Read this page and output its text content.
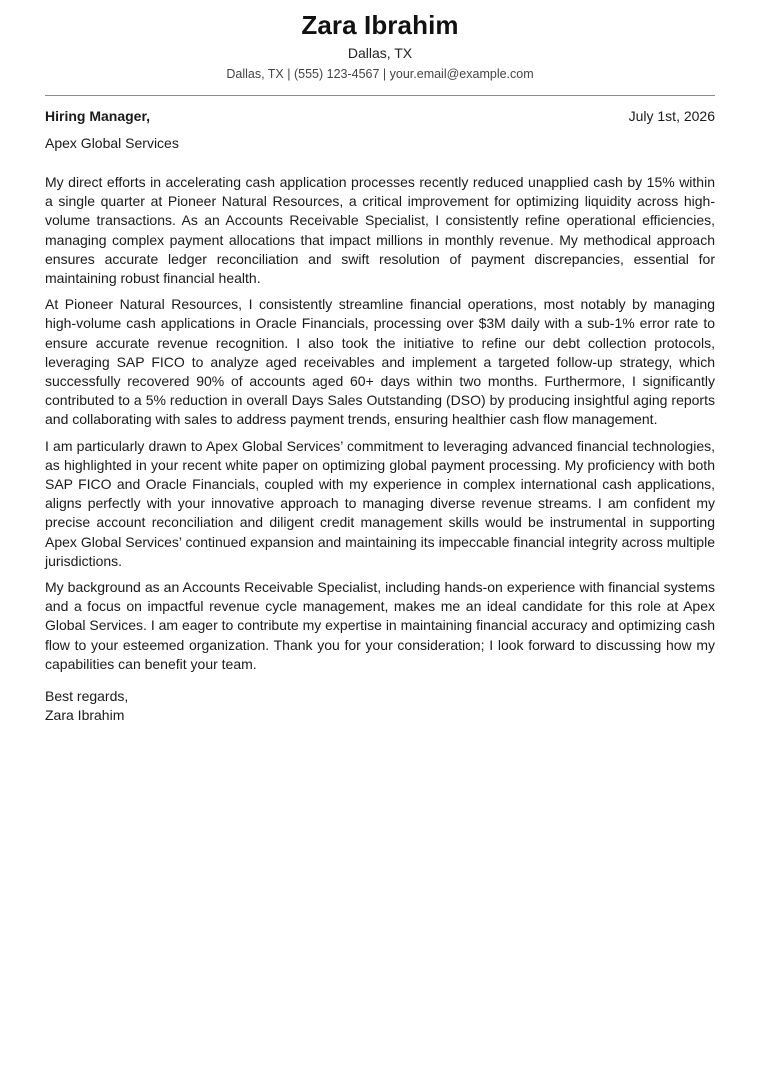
Zara Ibrahim
Dallas, TX
Dallas, TX | (555) 123-4567 | your.email@example.com
Hiring Manager,	July 1st, 2026
Apex Global Services

My direct efforts in accelerating cash application processes recently reduced unapplied cash by 15% within a single quarter at Pioneer Natural Resources, a critical improvement for optimizing liquidity across high-volume transactions. As an Accounts Receivable Specialist, I consistently refine operational efficiencies, managing complex payment allocations that impact millions in monthly revenue. My methodical approach ensures accurate ledger reconciliation and swift resolution of payment discrepancies, essential for maintaining robust financial health.

At Pioneer Natural Resources, I consistently streamline financial operations, most notably by managing high-volume cash applications in Oracle Financials, processing over $3M daily with a sub-1% error rate to ensure accurate revenue recognition. I also took the initiative to refine our debt collection protocols, leveraging SAP FICO to analyze aged receivables and implement a targeted follow-up strategy, which successfully recovered 90% of accounts aged 60+ days within two months. Furthermore, I significantly contributed to a 5% reduction in overall Days Sales Outstanding (DSO) by producing insightful aging reports and collaborating with sales to address payment trends, ensuring healthier cash flow management.

I am particularly drawn to Apex Global Services’ commitment to leveraging advanced financial technologies, as highlighted in your recent white paper on optimizing global payment processing. My proficiency with both SAP FICO and Oracle Financials, coupled with my experience in complex international cash applications, aligns perfectly with your innovative approach to managing diverse revenue streams. I am confident my precise account reconciliation and diligent credit management skills would be instrumental in supporting Apex Global Services’ continued expansion and maintaining its impeccable financial integrity across multiple jurisdictions.

My background as an Accounts Receivable Specialist, including hands-on experience with financial systems and a focus on impactful revenue cycle management, makes me an ideal candidate for this role at Apex Global Services. I am eager to contribute my expertise in maintaining financial accuracy and optimizing cash flow to your esteemed organization. Thank you for your consideration; I look forward to discussing how my capabilities can benefit your team.

Best regards,
Zara Ibrahim
